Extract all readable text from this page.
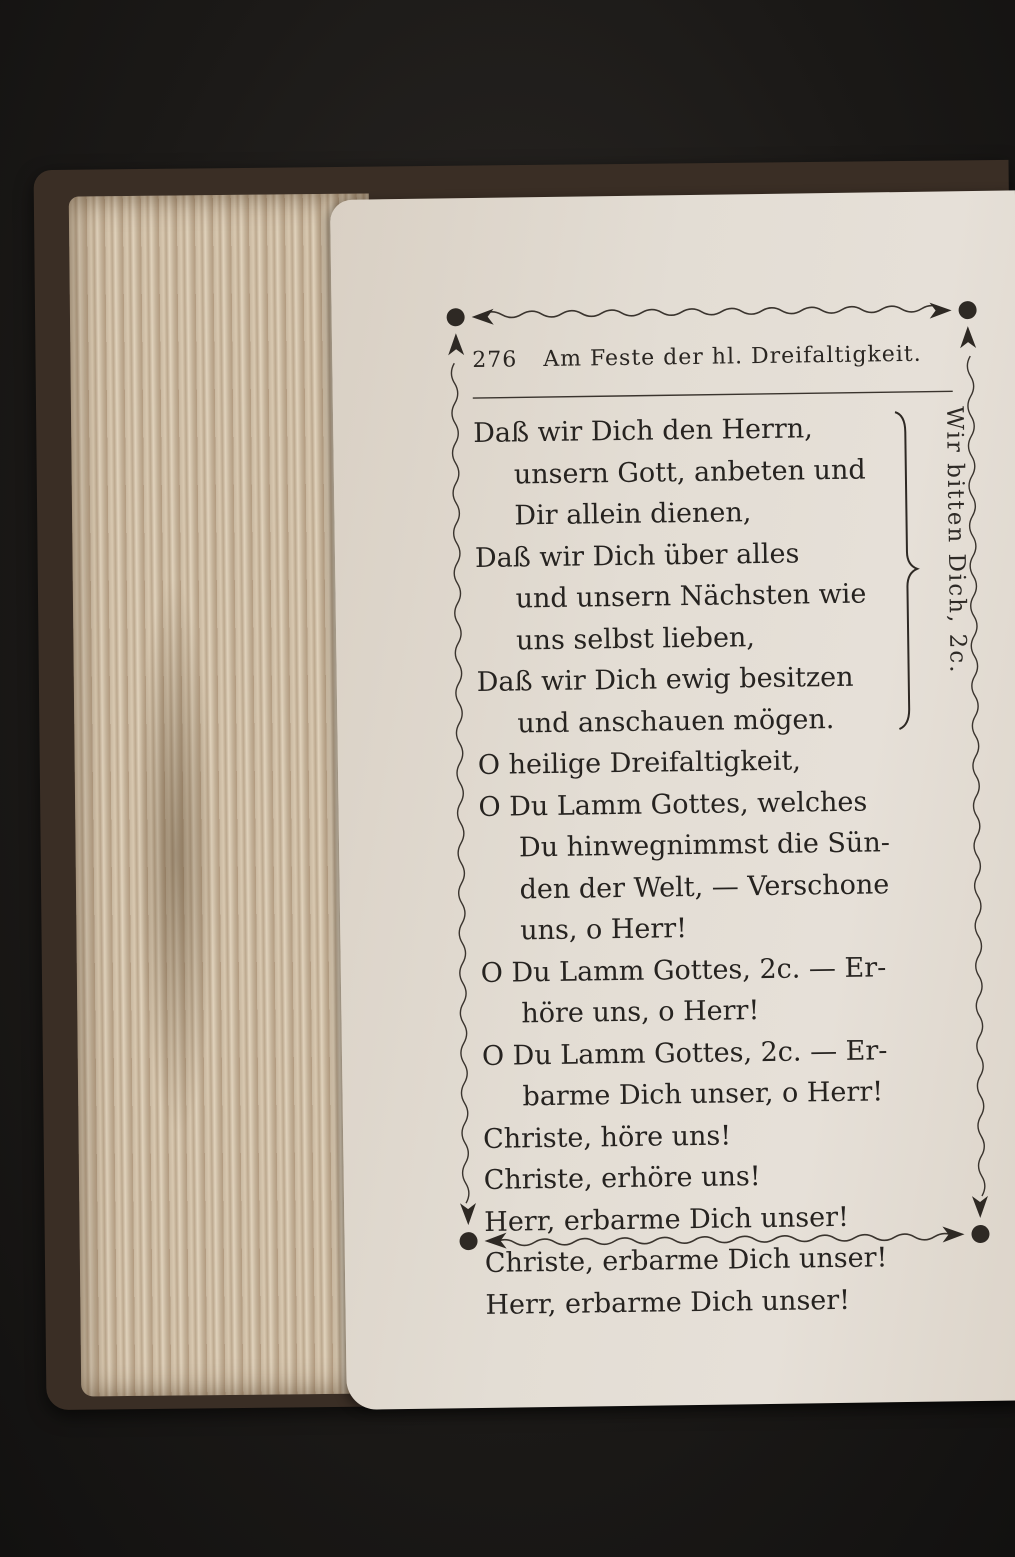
276 Am Feste der hl. Dreifaltigkeit.
Daß wir Dich den Herrn,
unsern Gott, anbeten und
Dir allein dienen,
Daß wir Dich über alles
und unsern Nächsten wie
uns selbst lieben,
Daß wir Dich ewig besitzen
und anschauen mögen.
O heilige Dreifaltigkeit,
O Du Lamm Gottes, welches
Du hinwegnimmst die Sün-
den der Welt, — Verschone
uns, o Herr!
O Du Lamm Gottes, 2c. — Er-
höre uns, o Herr!
O Du Lamm Gottes, 2c. — Er-
barme Dich unser, o Herr!
Christe, höre uns!
Christe, erhöre uns!
Herr, erbarme Dich unser!
Christe, erbarme Dich unser!
Herr, erbarme Dich unser!
Wir bitten Dich, 2c.
